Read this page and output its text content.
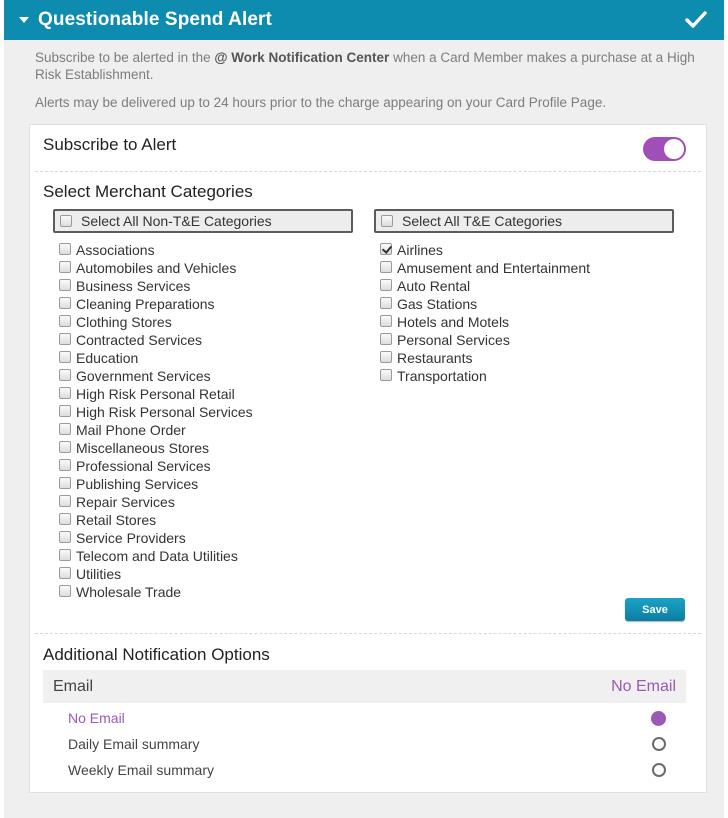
Questionable Spend Alert
Subscribe to be alerted in the @ Work Notification Center when a Card Member makes a purchase at a High Risk Establishment.
Alerts may be delivered up to 24 hours prior to the charge appearing on your Card Profile Page.
Subscribe to Alert
Select Merchant Categories
Select All Non-T&E Categories	Select All T&E Categories
Associations
Automobiles and Vehicles
Business Services
Cleaning Preparations
Clothing Stores
Contracted Services
Education
Government Services
High Risk Personal Retail
High Risk Personal Services
Mail Phone Order
Miscellaneous Stores
Professional Services
Publishing Services
Repair Services
Retail Stores
Service Providers
Telecom and Data Utilities
Utilities
Wholesale Trade
Airlines
Amusement and Entertainment
Auto Rental
Gas Stations
Hotels and Motels
Personal Services
Restaurants
Transportation
Save
Additional Notification Options
Email	No Email
No Email
Daily Email summary
Weekly Email summary
